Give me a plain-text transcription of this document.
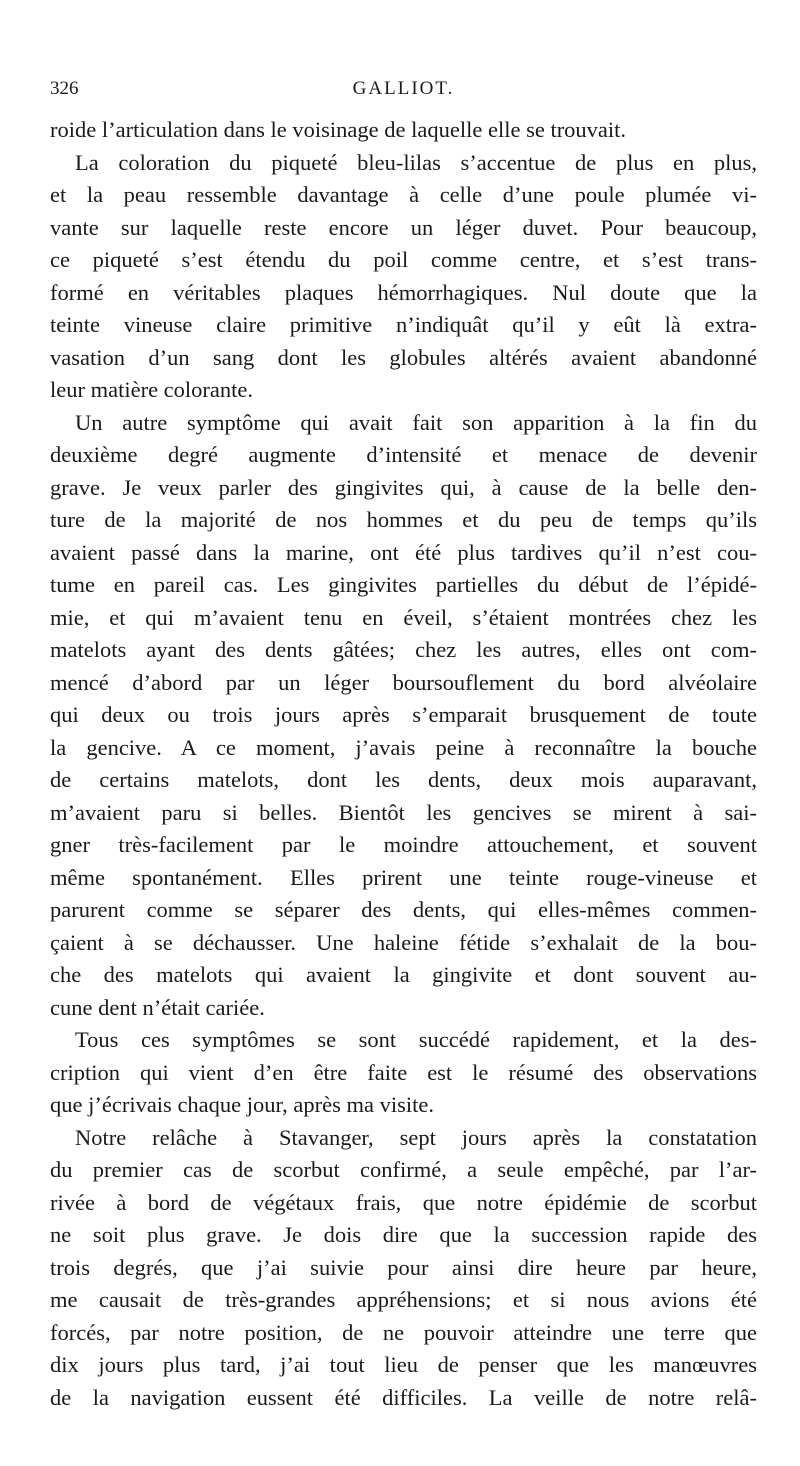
326	GALLIOT.
roide l’articulation dans le voisinage de laquelle elle se trouvait.
La coloration du piqueté bleu-lilas s’accentue de plus en plus,
et la peau ressemble davantage à celle d’une poule plumée vi-
vante sur laquelle reste encore un léger duvet. Pour beaucoup,
ce piqueté s’est étendu du poil comme centre, et s’est trans-
formé en véritables plaques hémorrhagiques. Nul doute que la
teinte vineuse claire primitive n’indiquât qu’il y eût là extra-
vasation d’un sang dont les globules altérés avaient abandonné
leur matière colorante.
Un autre symptôme qui avait fait son apparition à la fin du
deuxième degré augmente d’intensité et menace de devenir
grave. Je veux parler des gingivites qui, à cause de la belle den-
ture de la majorité de nos hommes et du peu de temps qu’ils
avaient passé dans la marine, ont été plus tardives qu’il n’est cou-
tume en pareil cas. Les gingivites partielles du début de l’épidé-
mie, et qui m’avaient tenu en éveil, s’étaient montrées chez les
matelots ayant des dents gâtées; chez les autres, elles ont com-
mencé d’abord par un léger boursouflement du bord alvéolaire
qui deux ou trois jours après s’emparait brusquement de toute
la gencive. A ce moment, j’avais peine à reconnaître la bouche
de certains matelots, dont les dents, deux mois auparavant,
m’avaient paru si belles. Bientôt les gencives se mirent à sai-
gner très-facilement par le moindre attouchement, et souvent
même spontanément. Elles prirent une teinte rouge-vineuse et
parurent comme se séparer des dents, qui elles-mêmes commen-
çaient à se déchausser. Une haleine fétide s’exhalait de la bou-
che des matelots qui avaient la gingivite et dont souvent au-
cune dent n’était cariée.
Tous ces symptômes se sont succédé rapidement, et la des-
cription qui vient d’en être faite est le résumé des observations
que j’écrivais chaque jour, après ma visite.
Notre relâche à Stavanger, sept jours après la constatation
du premier cas de scorbut confirmé, a seule empêché, par l’ar-
rivée à bord de végétaux frais, que notre épidémie de scorbut
ne soit plus grave. Je dois dire que la succession rapide des
trois degrés, que j’ai suivie pour ainsi dire heure par heure,
me causait de très-grandes appréhensions; et si nous avions été
forcés, par notre position, de ne pouvoir atteindre une terre que
dix jours plus tard, j’ai tout lieu de penser que les manœuvres
de la navigation eussent été difficiles. La veille de notre relâ-
